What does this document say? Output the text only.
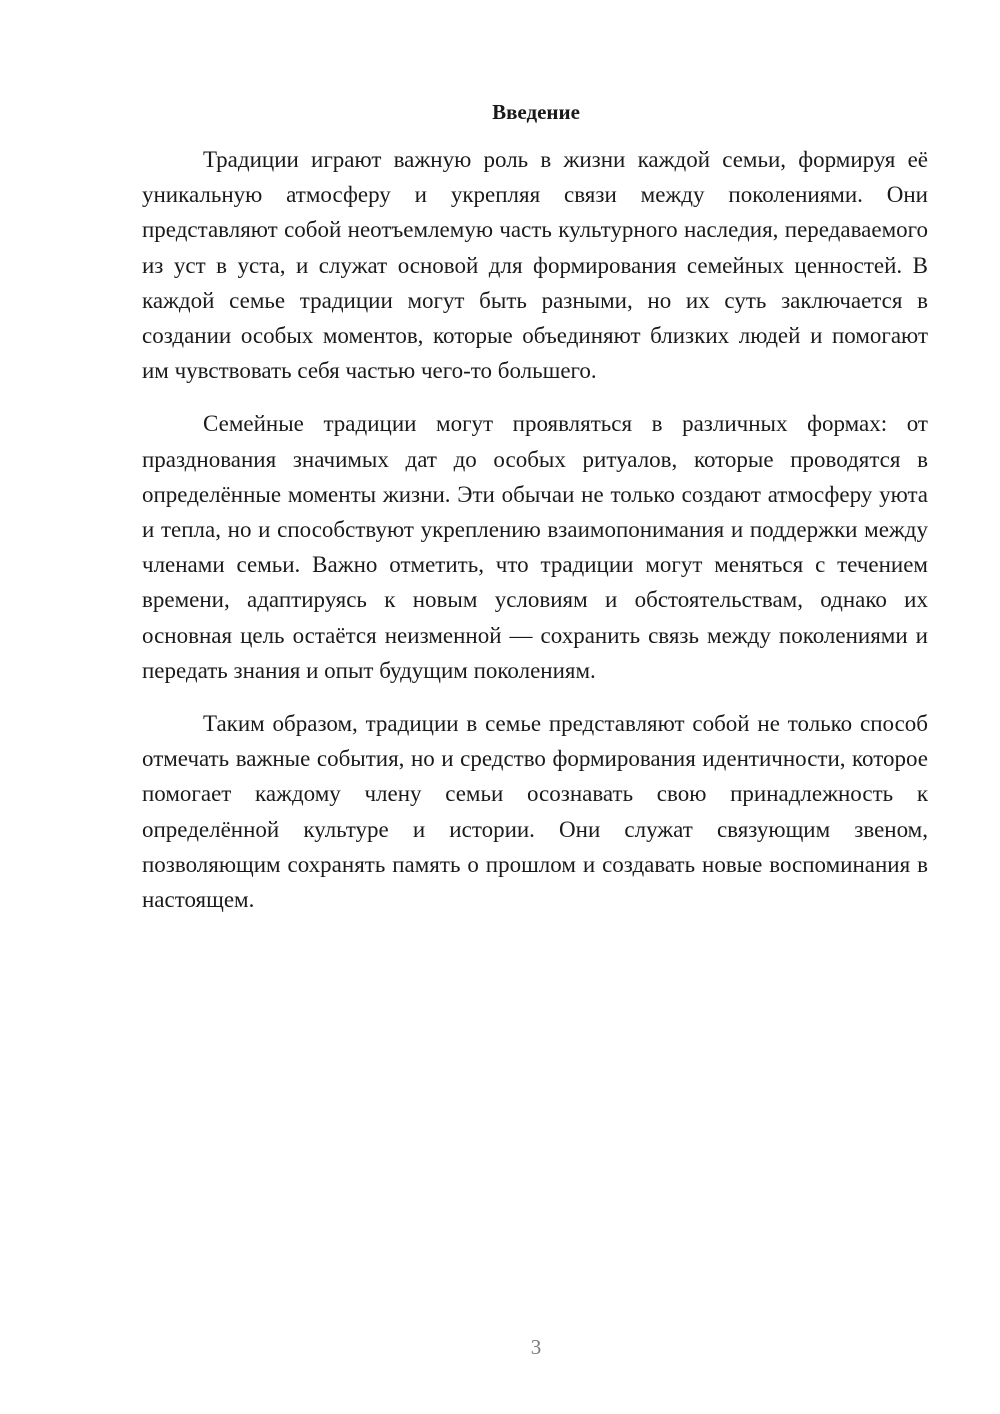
Введение

Традиции играют важную роль в жизни каждой семьи, формируя её уникальную атмосферу и укрепляя связи между поколениями. Они представляют собой неотъемлемую часть культурного наследия, передаваемого из уст в уста, и служат основой для формирования семейных ценностей. В каждой семье традиции могут быть разными, но их суть заключается в создании особых моментов, которые объединяют близких людей и помогают им чувствовать себя частью чего-то большего.

Семейные традиции могут проявляться в различных формах: от празднования значимых дат до особых ритуалов, которые проводятся в определённые моменты жизни. Эти обычаи не только создают атмосферу уюта и тепла, но и способствуют укреплению взаимопонимания и поддержки между членами семьи. Важно отметить, что традиции могут меняться с течением времени, адаптируясь к новым условиям и обстоятельствам, однако их основная цель остаётся неизменной — сохранить связь между поколениями и передать знания и опыт будущим поколениям.

Таким образом, традиции в семье представляют собой не только способ отмечать важные события, но и средство формирования идентичности, которое помогает каждому члену семьи осознавать свою принадлежность к определённой культуре и истории. Они служат связующим звеном, позволяющим сохранять память о прошлом и создавать новые воспоминания в настоящем.

3
